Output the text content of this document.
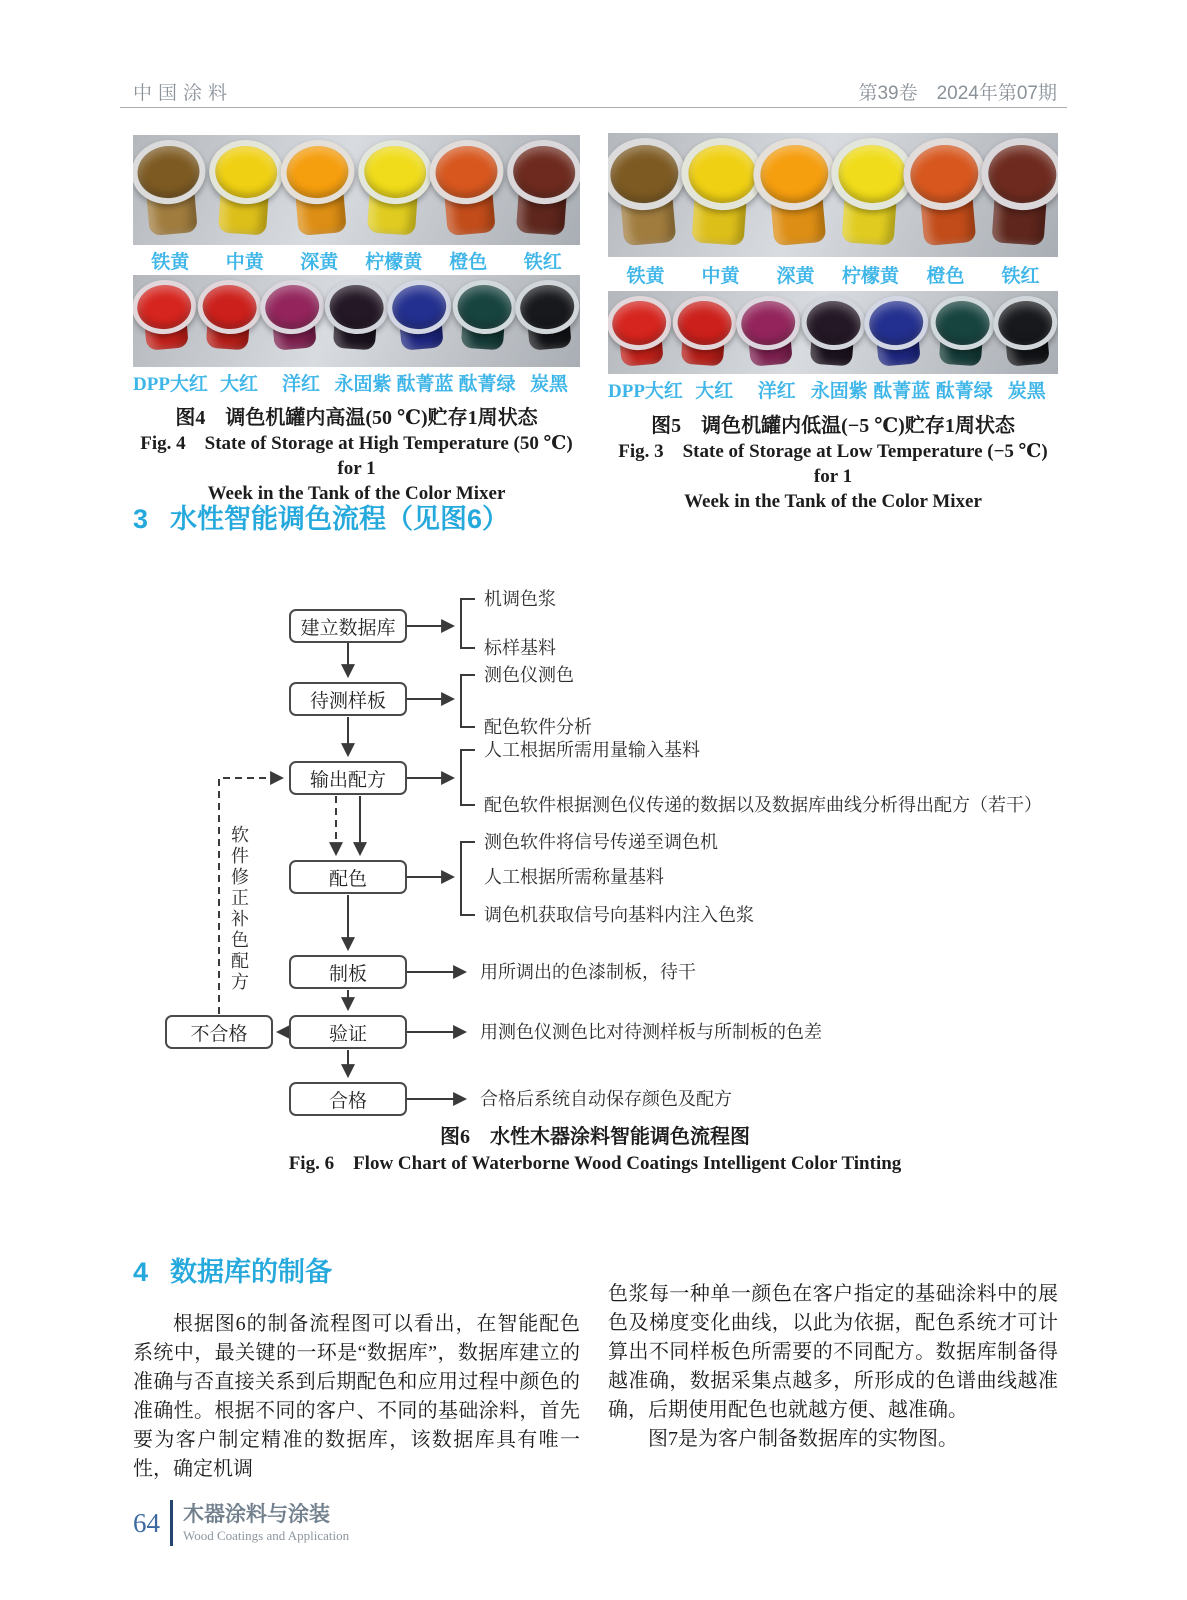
中国涂料	第39卷　2024年第07期
铁黄	中黄	深黄	柠檬黄	橙色	铁红
DPP大红 大红	洋红 永固紫 酞菁蓝 酞菁绿 炭黑
图4　调色机罐内高温(50 ℃)贮存1周状态
Fig. 4　State of Storage at High Temperature (50 ℃) for 1
Week in the Tank of the Color Mixer
铁黄	中黄	深黄	柠檬黄	橙色	铁红
DPP大红 大红	洋红 永固紫 酞菁蓝 酞菁绿 炭黑
图5　调色机罐内低温(−5 ℃)贮存1周状态
Fig. 3　State of Storage at Low Temperature (−5 ℃) for 1
Week in the Tank of the Color Mixer
3 水性智能调色流程（见图6）
建立数据库
待测样板
输出配方
配色
制板
验证
合格
不合格
软件修正补色配方
机调色浆
标样基料
测色仪测色
配色软件分析
人工根据所需用量输入基料
配色软件根据测色仪传递的数据以及数据库曲线分析得出配方（若干）
测色软件将信号传递至调色机
人工根据所需称量基料
调色机获取信号向基料内注入色浆
用所调出的色漆制板，待干
用测色仪测色比对待测样板与所制板的色差
合格后系统自动保存颜色及配方
图6　水性木器涂料智能调色流程图
Fig. 6　Flow Chart of Waterborne Wood Coatings Intelligent Color Tinting
4 数据库的制备

根据图6的制备流程图可以看出，在智能配色系统中，最关键的一环是“数据库”，数据库建立的准确与否直接关系到后期配色和应用过程中颜色的准确性。根据不同的客户、不同的基础涂料，首先要为客户制定精准的数据库，该数据库具有唯一性，确定机调

色浆每一种单一颜色在客户指定的基础涂料中的展色及梯度变化曲线，以此为依据，配色系统才可计算出不同样板色所需要的不同配方。数据库制备得越准确，数据采集点越多，所形成的色谱曲线越准确，后期使用配色也就越方便、越准确。

图7是为客户制备数据库的实物图。

64 木器涂料与涂装
Wood Coatings and Application
